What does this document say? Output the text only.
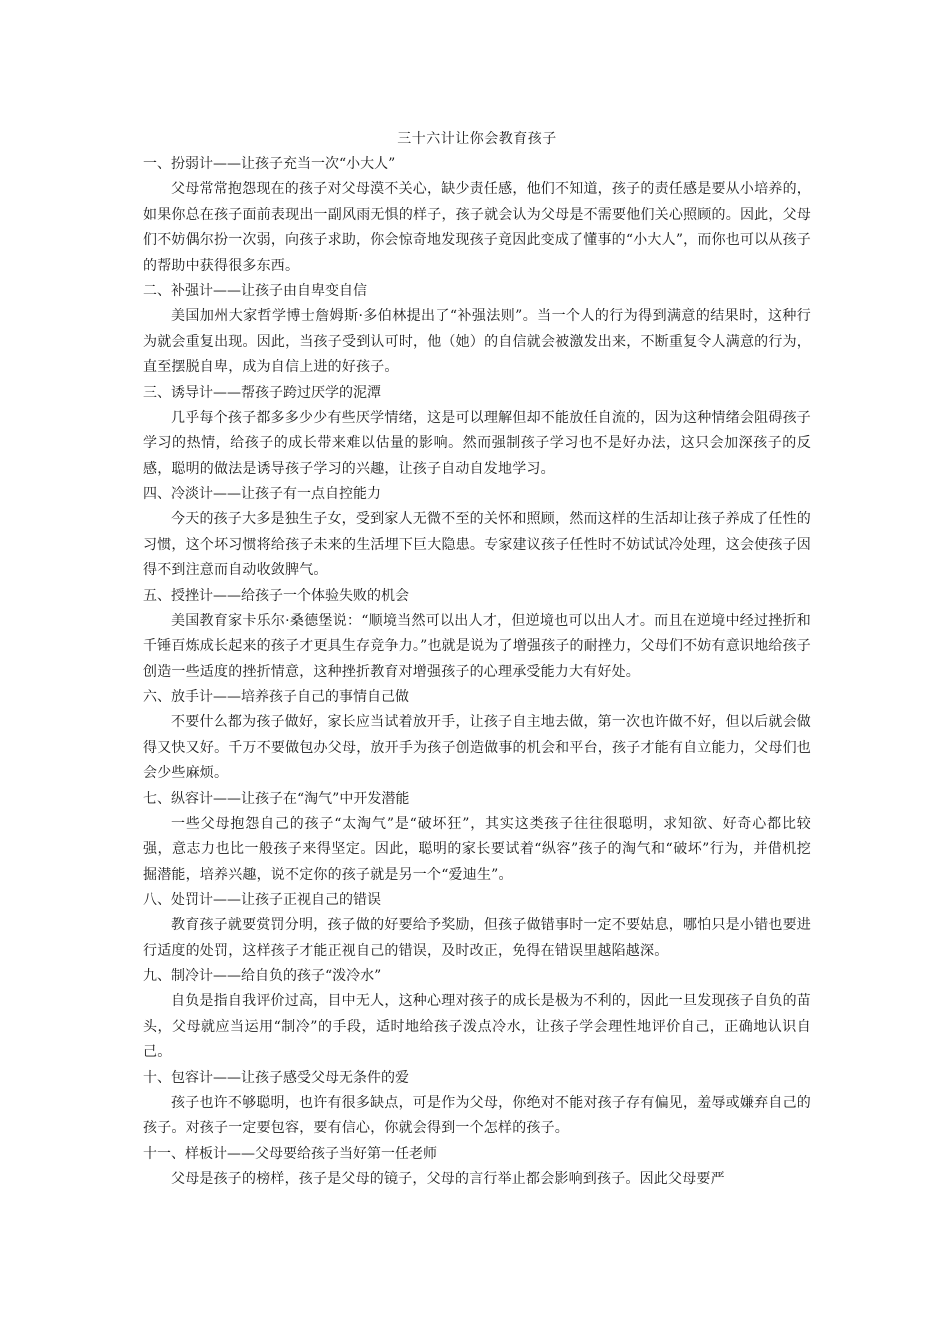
三十六计让你会教育孩子

一、扮弱计——让孩子充当一次“小大人”

父母常常抱怨现在的孩子对父母漠不关心，缺少责任感，他们不知道，孩子的责任感是要从小培养的，如果你总在孩子面前表现出一副风雨无惧的样子，孩子就会认为父母是不需要他们关心照顾的。因此，父母们不妨偶尔扮一次弱，向孩子求助，你会惊奇地发现孩子竟因此变成了懂事的“小大人”，而你也可以从孩子的帮助中获得很多东西。

二、补强计——让孩子由自卑变自信

美国加州大家哲学博士詹姆斯·多伯林提出了“补强法则”。当一个人的行为得到满意的结果时，这种行为就会重复出现。因此，当孩子受到认可时，他（她）的自信就会被激发出来，不断重复令人满意的行为，直至摆脱自卑，成为自信上进的好孩子。

三、诱导计——帮孩子跨过厌学的泥潭

几乎每个孩子都多多少少有些厌学情绪，这是可以理解但却不能放任自流的，因为这种情绪会阻碍孩子学习的热情，给孩子的成长带来难以估量的影响。然而强制孩子学习也不是好办法，这只会加深孩子的反感，聪明的做法是诱导孩子学习的兴趣，让孩子自动自发地学习。

四、冷淡计——让孩子有一点自控能力

今天的孩子大多是独生子女，受到家人无微不至的关怀和照顾，然而这样的生活却让孩子养成了任性的习惯，这个坏习惯将给孩子未来的生活埋下巨大隐患。专家建议孩子任性时不妨试试冷处理，这会使孩子因得不到注意而自动收敛脾气。

五、授挫计——给孩子一个体验失败的机会

美国教育家卡乐尔·桑德堡说：“顺境当然可以出人才，但逆境也可以出人才。而且在逆境中经过挫折和千锤百炼成长起来的孩子才更具生存竞争力。”也就是说为了增强孩子的耐挫力，父母们不妨有意识地给孩子创造一些适度的挫折情意，这种挫折教育对增强孩子的心理承受能力大有好处。

六、放手计——培养孩子自己的事情自己做

不要什么都为孩子做好，家长应当试着放开手，让孩子自主地去做，第一次也许做不好，但以后就会做得又快又好。千万不要做包办父母，放开手为孩子创造做事的机会和平台，孩子才能有自立能力，父母们也会少些麻烦。

七、纵容计——让孩子在“淘气”中开发潜能

一些父母抱怨自己的孩子“太淘气”是“破坏狂”，其实这类孩子往往很聪明，求知欲、好奇心都比较强，意志力也比一般孩子来得坚定。因此，聪明的家长要试着“纵容”孩子的淘气和“破坏”行为，并借机挖掘潜能，培养兴趣，说不定你的孩子就是另一个“爱迪生”。

八、处罚计——让孩子正视自己的错误

教育孩子就要赏罚分明，孩子做的好要给予奖励，但孩子做错事时一定不要姑息，哪怕只是小错也要进行适度的处罚，这样孩子才能正视自己的错误，及时改正，免得在错误里越陷越深。

九、制冷计——给自负的孩子“泼冷水”

自负是指自我评价过高，目中无人，这种心理对孩子的成长是极为不利的，因此一旦发现孩子自负的苗头，父母就应当运用“制冷”的手段，适时地给孩子泼点冷水，让孩子学会理性地评价自己，正确地认识自己。

十、包容计——让孩子感受父母无条件的爱

孩子也许不够聪明，也许有很多缺点，可是作为父母，你绝对不能对孩子存有偏见，羞辱或嫌弃自己的孩子。对孩子一定要包容，要有信心，你就会得到一个怎样的孩子。

十一、样板计——父母要给孩子当好第一任老师

父母是孩子的榜样，孩子是父母的镜子，父母的言行举止都会影响到孩子。因此父母要严
